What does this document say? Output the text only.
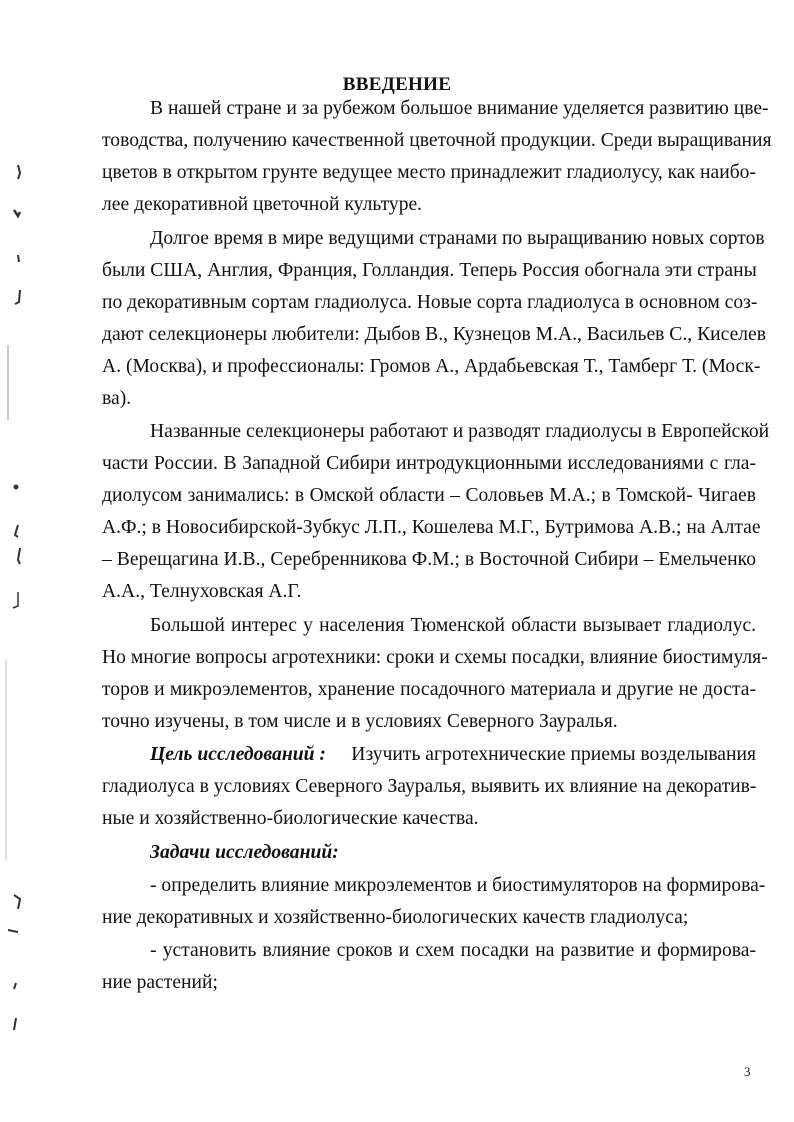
ВВЕДЕНИЕ
В нашей стране и за рубежом большое внимание уделяется развитию цве-
товодства, получению качественной цветочной продукции. Среди выращивания
цветов в открытом грунте ведущее место принадлежит гладиолусу, как наибо-
лее декоративной цветочной культуре.
Долгое время в мире ведущими странами по выращиванию новых сортов
были США, Англия, Франция, Голландия. Теперь Россия обогнала эти страны
по декоративным сортам гладиолуса. Новые сорта гладиолуса в основном соз-
дают селекционеры любители: Дыбов В., Кузнецов М.А., Васильев С., Киселев
А. (Москва), и профессионалы: Громов А., Ардабьевская Т., Тамберг Т. (Моск-
ва).
Названные селекционеры работают и разводят гладиолусы в Европейской
части России. В Западной Сибири интродукционными исследованиями с гла-
диолусом занимались: в Омской области – Соловьев М.А.; в Томской- Чигаев
А.Ф.; в Новосибирской-Зубкус Л.П., Кошелева М.Г., Бутримова А.В.; на Алтае
– Верещагина И.В., Серебренникова Ф.М.; в Восточной Сибири – Емельченко
А.А., Телнуховская А.Г.
Большой интерес у населения Тюменской области вызывает гладиолус.
Но многие вопросы агротехники: сроки и схемы посадки, влияние биостимуля-
торов и микроэлементов, хранение посадочного материала и другие не доста-
точно изучены, в том числе и в условиях Северного Зауралья.
Цель исследований : Изучить агротехнические приемы возделывания
гладиолуса в условиях Северного Зауралья, выявить их влияние на декоратив-
ные и хозяйственно-биологические качества.
Задачи исследований:
- определить влияние микроэлементов и биостимуляторов на формирова-
ние декоративных и хозяйственно-биологических качеств гладиолуса;
- установить влияние сроков и схем посадки на развитие и формирова-
ние растений;
3
